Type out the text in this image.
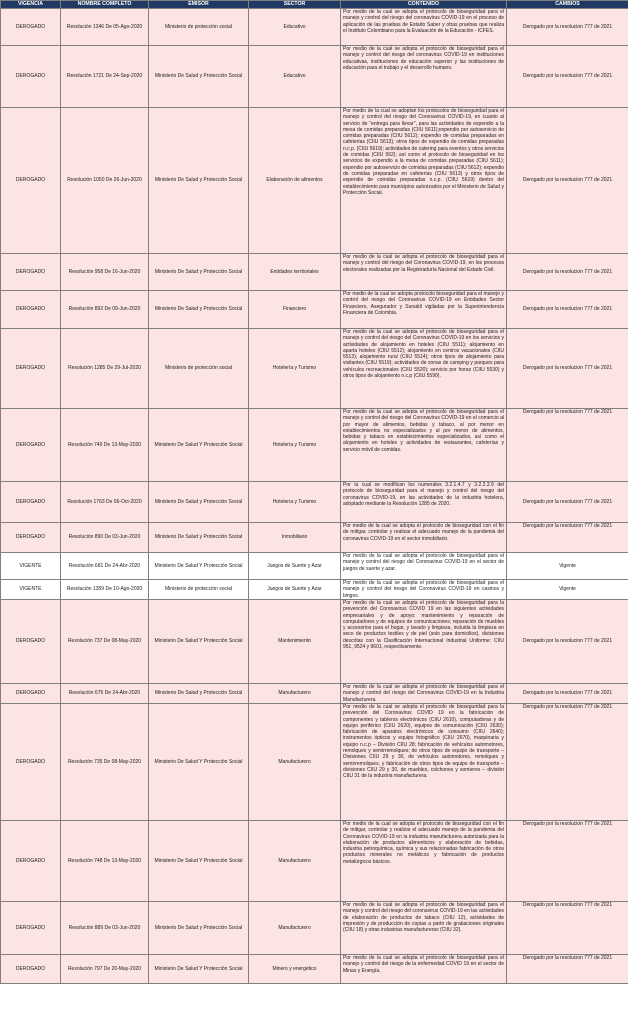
VIGENCIA	NOMBRE COMPLETO	EMISOR	SECTOR	CONTENIDO	CAMBIOS
DEROGADO	Resolución 1346 De 05-Ago-2020	Ministerio de protección social	Educativo	Por medio de la cual se adopta el protocolo de bioseguridad para el manejo y control del riesgo del coronavirus COVID-19 en el proceso de aplicación de las pruebas de Estado Saber y otras pruebas que realiza el Instituto Colombiano para la Evaluación de la Educación - ICFES.	Derogado por la resolucion 777 de 2021
DEROGADO	Resolución 1721 De 24-Sep-2020	Ministerio De Salud y Protección Social	Educativo	Por medio de la cual se adopta el protocolo de bioseguridad para el manejo y control del riesgo del coronavirus COVID-19 en instituciones educativas, instituciones de educación superior y las instituciones de educación para el trabajo y el desarrollo humano.	Derogado por la resolucion 777 de 2021
DEROGADO	Resolución 1050 De 26-Jun-2020	Ministerio De Salud y Protección Social	Elaboración de alimentos	Por medio de la cual se adoptan los protocolos de bioseguridad para el manejo y control del riesgo del Coronavirus COVID-19, en cuanto al servicio de "entrega para llevar", para las actividades de expendio a la mesa de comidas preparadas (CIIU 5611);expendio por autoservicio de comidas preparadas (CIIU 5612); expendio de comidas preparadas en cafeterías (CIIU 5613); otros tipos de expendio de comidas preparadas n.c.p. (CIIU 5619); actividades de catering para eventos y otros servicios de comidas (CIIU 562); así como el protocolo de bioseguridad en los servicios de expendio a la mesa de comidas preparadas (CIIU 5611); expendio por autoservicio de comidas preparadas (CIIU 5612); expendio de comidas preparadas en cafeterías (CIIU 5613) y otros tipos de expendio de comidas preparadas n.c.p. (CIIU 5619) dentro del establecimiento para municipios autorizados por el Ministerio de Salud y Protección Social.	Derogado por la resolucion 777 de 2021
DEROGADO	Resolución 958 De 16-Jun-2020	Ministerio De Salud y Protección Social	Entidades territoriales	Por medio de la cual se adopta el protocolo de bioseguridad para el manejo y control del riesgo del Coronavirus COVID-19, en los procesos electorales realizadas por la Registraduría Nacional del Estado Civil.	Derogado por la resolucion 777 de 2021
DEROGADO	Resolución 892 De 09-Jun-2020	Ministerio De Salud y Protección Social	Financiero	Por medio de la cual se adopta protocolo bioseguridad para el manejo y control del riesgo del Coronavirus COVID-19 en Entidades Sector Financiero, Asegurador y Sursátil vigiladas por la Superintendencia Financiera de Colombia.	Derogado por la resolucion 777 de 2021
DEROGADO	Resolución 1285 De 29-Jul-2020	Ministerio de protección social	Hotelería y Turismo	Por medio de la cual se adopta el protocolo de bioseguridad para el manejo y control del riesgo del Coronavirus COVID-19 en los servicios y actividades de alojamiento en hoteles (CIIU 5511); alojamiento en aparta hoteles (CIIU 5512); alojamiento en centros vacacionales (CIIU 5513); alojamiento rural (CIIU 5514); otros tipos de alojamiento para visitantes (CIIU 5519); actividades de zonas de camping y parques para vehículos recreacionales (CIIU 5520); servicio por horas (CIIU 5530) y otros tipos de alojamiento n.c.p (CIIU 5590).	Derogado por la resolucion 777 de 2021
DEROGADO	Resolución 749 De 13-May-2020	Ministerio De Salud Y Protección Social	Hotelería y Turismo	Por medio de la cual se adopta el protocolo de bioseguridad para el manejo y control del riesgo del Coronavirus COVID-19 en el comercio al por mayor de alimentos, bebidas y tabaco, al por menor en establecimientos no especializados y al por menor de alimentos, bebidas y tabaco en establecimientos especializados, así como el alojamiento en hoteles y actividades de restaurantes, cafeterías y servicio móvil de comidas.	Derogado por la resolucion 777 de 2021
DEROGADO	Resolución 1763 De 06-Oct-2020	Ministerio De Salud y Protección Social	Hotelería y Turismo	Por la cual se modifican los numerales 3.2.1.4.7 y 3.2.2.3.9 del protocolo de bioseguridad para el manejo y control del riesgo del coronavirus COVID-19, en las actividades de la industria hotelera, adoptado mediante la Resolución 1285 de 2020.	Derogado por la resolucion 777 de 2021
DEROGADO	Resolución 890 De 03-Jun-2020	Ministerio De Salud y Protección Social	Inmobiliario	Por medio de la cual se adopta el protocolo de bioseguridad con el fin de mitigar, controlar y realizar el adecuado manejo de la pandemia del coronavirus COVID-19 en el sector inmobiliario.	Derogado por la resolucion 777 de 2021
VIGENTE	Resolución 681 De 24-Abr-2020	Ministerio De Salud Y Protección Social	Juegos de Suerte y Azar	Por medio de la cual se adopta el protocolo de bioseguridad para el manejo y control del riesgo del Coronavirus COVID-19 en el sector de juegos de suerte y azar.	Vigente
VIGENTE	Resolución 1359 De 10-Ago-2020	Ministerio de protección social	Juegos de Suerte y Azar	Por medio de la cual se adopta el protocolo de bioseguridad para el manejo y control del riesgo del Coronavirus COVID-19 en casinos y bingos.	Vigente
DEROGADO	Resolución 737 De 08-May-2020	Ministerio De Salud Y Protección Social	Mantenimiento	Por medio de la cual se adopta el protocolo de bioseguridad para la prevención del Coronavirus COVID 19 en las siguientes actividades empresariales y de apoyo: mantenimiento y reparación de computadores y de equipos de comunicaciones; reparación de muebles y accesorios para el hogar, y lavado y limpieza, incluida la limpieza en seco de productos textiles y de piel (solo para domicilios), divisiones descritas con la Clasificación Internacional Industrial Uniforme: CIIU 951, 9524 y 9601, respectivamente.	Derogado por la resolucion 777 de 2021
DEROGADO	Resolución 675 De 24-Abr-2020	Ministerio De Salud y Protección Social	Manufacturero	Por medio de la cual se adopta el protocolo de bioseguridad para el manejo y control del riesgo del Coronavirus COVID-19 en la Industria Manufacturera.	Derogado por la resolucion 777 de 2021
DEROGADO	Resolución 735 De 08-May-2020	Ministerio De Salud Y Protección Social	Manufacturero	Por medio de la cual se adopta el protocolo de bioseguridad para la prevención del Coronavirus COVID 19 en la fabricación de componentes y tableros electrónicos (CIIU 2610), computadoras y de equipo periférico (CIIU 2620), equipos de comunicación (CIIU 2630); fabricación de aparatos electrónicos de consumo (CIIU 2640); instrumentos ópticos y equipo fotográfico (CIIU 2670), maquinaria y equipo n.c.p – División CIIU 28; fabricación de vehículos automotores, remolques y semirremolques; de otros tipos de equipo de transporte – Divisiones CIIU 29 y 30, de vehículos automotores, remolques y semirremolques, y fabricación de otros tipos de equipo de transporte – divisiones CIIU 29 y 30, de muebles, colchones y somieres – división CIIU 31 de la industria manufacturera.	Derogado por la resolucion 777 de 2021
DEROGADO	Resolución 748 De 13-May-2020	Ministerio De Salud Y Protección Social	Manufacturero	Por medio de la cual se adopta el protocolo de bioseguridad con el fin de mitigar, controlar y realizar el adecuado manejo de la pandemia del Coronavirus COVID-19 en la industria manufacturera autorizada para la elaboración de productos alimenticios y elaboración de bebidas, industria petroquímica, química y sus relacionadas fabricación de otros productos minerales no metálicos y fabricación de productos metalúrgicos básicos.	Derogado por la resolucion 777 de 2021
DEROGADO	Resolución 889 De 03-Jun-2020	Ministerio De Salud y Protección Social	Manufacturero	Por medio de la cual se adopta el protocolo de bioseguridad para el manejo y control del riesgo del coronavirus COVID-19 en las actividades de elaboración de productos de tabaco (CIIU 12), actividades de impresión y de producción de copias a partir de grabaciones originales (CIIU 18) y otras industrias manufactureras (CIIU 32).	Derogado por la resolucion 777 de 2021
DEROGADO	Resolución 797 De 20-May-2020	Ministerio De Salud Y Protección Social	Minero y energético	Por medio de la cual se adopta el protocolo de bioseguridad para el manejo y control del riesgo de la enfermedad COVID 19 en el sector de Minas y Energía.	Derogado por la resolucion 777 de 2021
